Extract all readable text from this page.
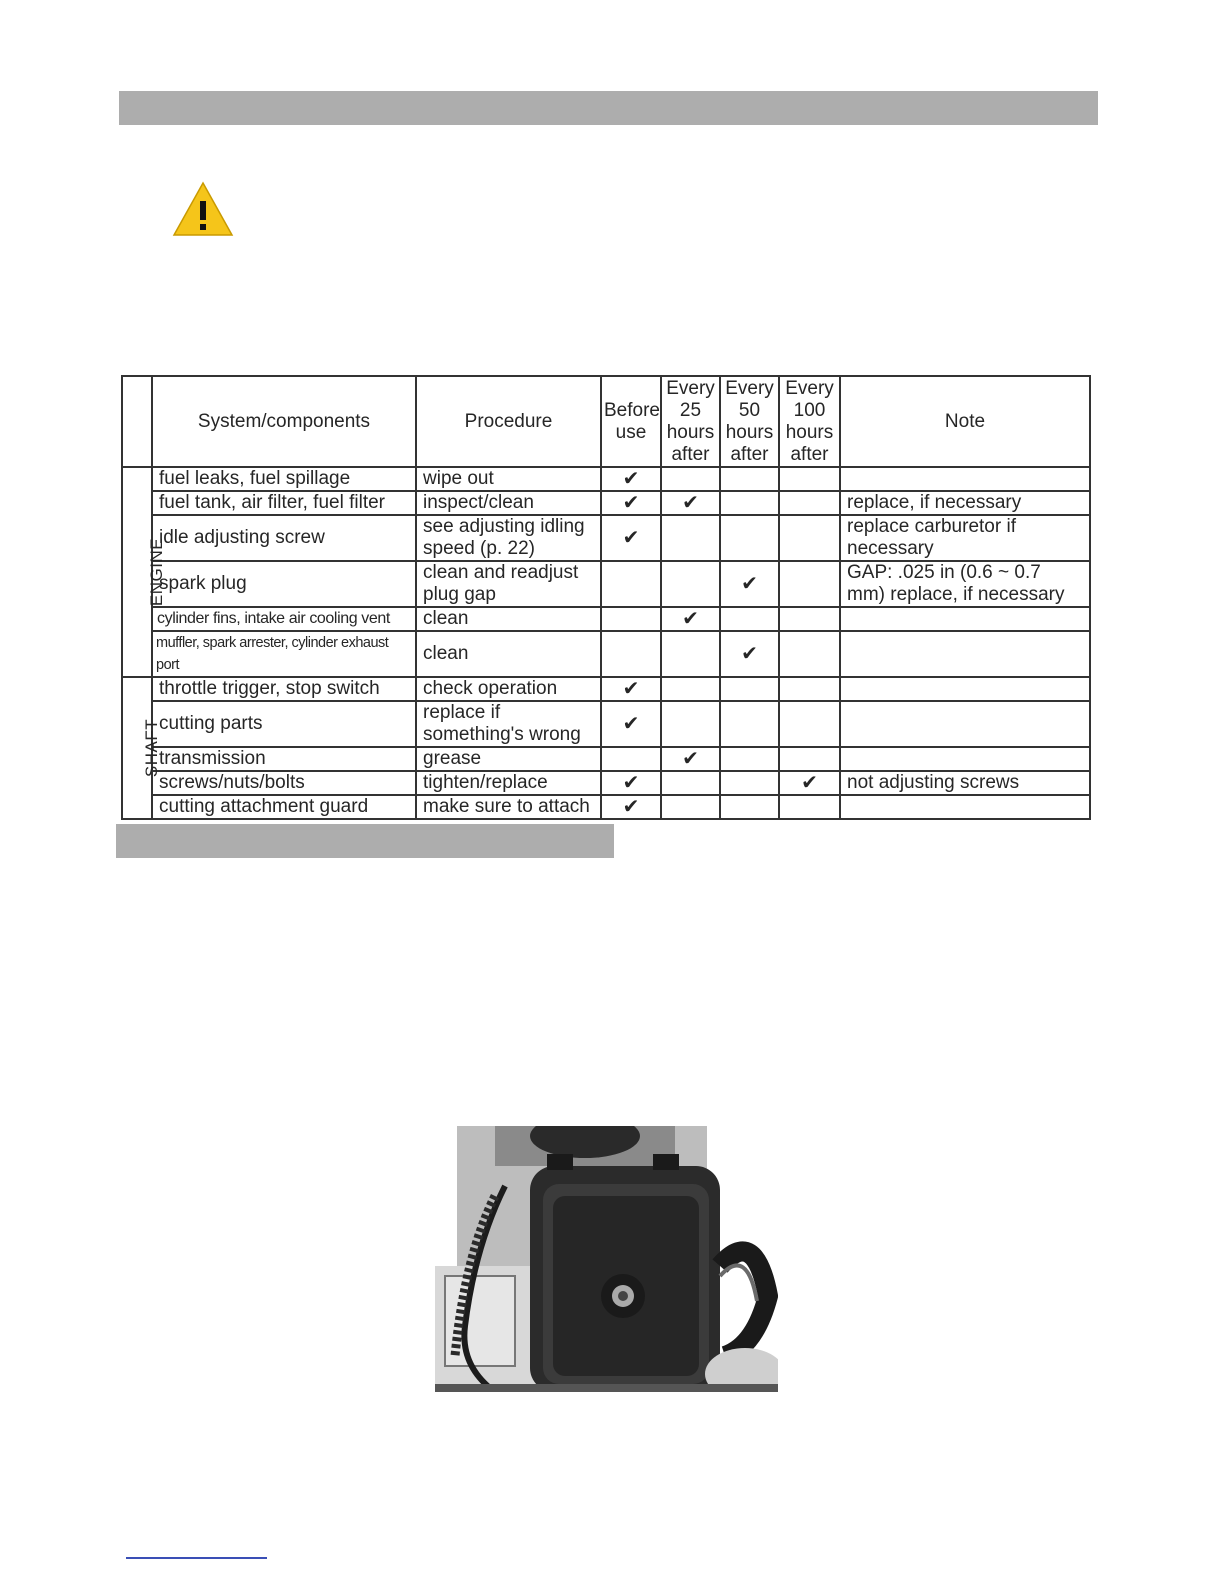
	System/components	Procedure	Before use	Every 25 hours after	Every 50 hours after	Every 100 hours after	Note
ENGINE	fuel leaks, fuel spillage	wipe out	✔				
	fuel tank, air filter, fuel filter	inspect/clean	✔	✔			replace, if necessary
	idle adjusting screw	see adjusting idling speed (p. 22)	✔				replace carburetor if necessary
	spark plug	clean and readjust plug gap			✔		GAP: .025 in (0.6 ~ 0.7 mm) replace, if necessary
	cylinder fins, intake air cooling vent	clean		✔			
	muffler, spark arrester, cylinder exhaust port	clean			✔		
SHAFT	throttle trigger, stop switch	check operation	✔				
	cutting parts	replace if something's wrong	✔				
	transmission	grease		✔			
	screws/nuts/bolts	tighten/replace	✔			✔	not adjusting screws
	cutting attachment guard	make sure to attach	✔				
